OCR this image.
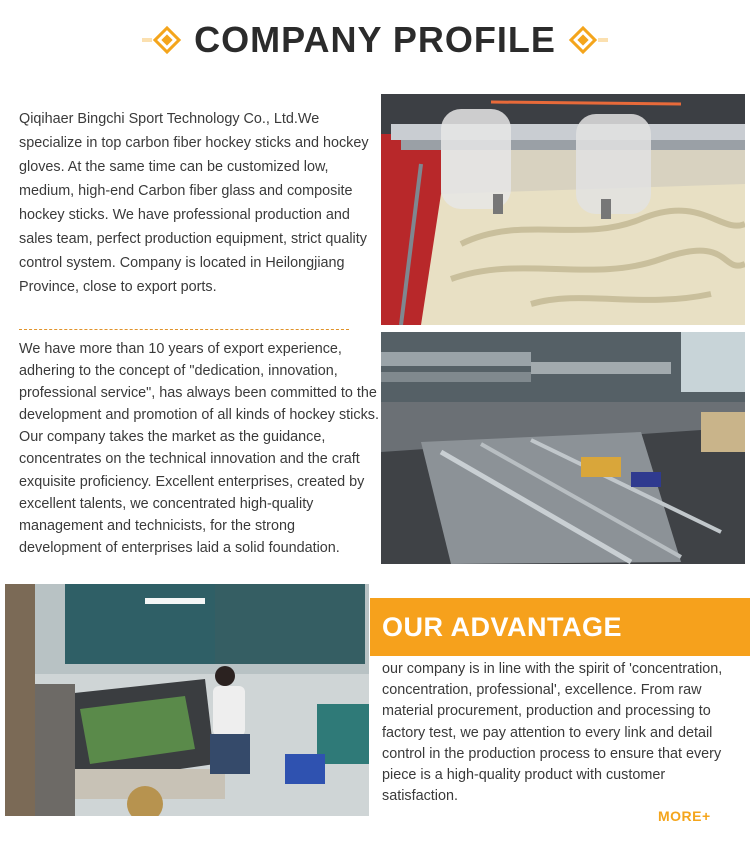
COMPANY PROFILE

Qiqihaer Bingchi Sport Technology Co., Ltd.We specialize in top carbon fiber hockey sticks and hockey gloves. At the same time can be customized low, medium, high-end Carbon fiber glass and composite hockey sticks. We have professional production and sales team, perfect production equipment, strict quality control system. Company is located in Heilongjiang Province, close to export ports.

We have more than 10 years of export experience, adhering to the concept of "dedication, innovation, professional service", has always been committed to the development and promotion of all kinds of hockey sticks. Our company takes the market as the guidance, concentrates on the technical innovation and the craft exquisite proficiency. Excellent enterprises, created by excellent talents, we concentrated high-quality management and technicists, for the strong development of enterprises laid a solid foundation.

OUR ADVANTAGE

our company is in line with the spirit of 'concentration, concentration, professional', excellence. From raw material procurement, production and processing to factory test, we pay attention to every link and detail control in the production process to ensure that every piece is a high-quality product with customer satisfaction.

MORE+
